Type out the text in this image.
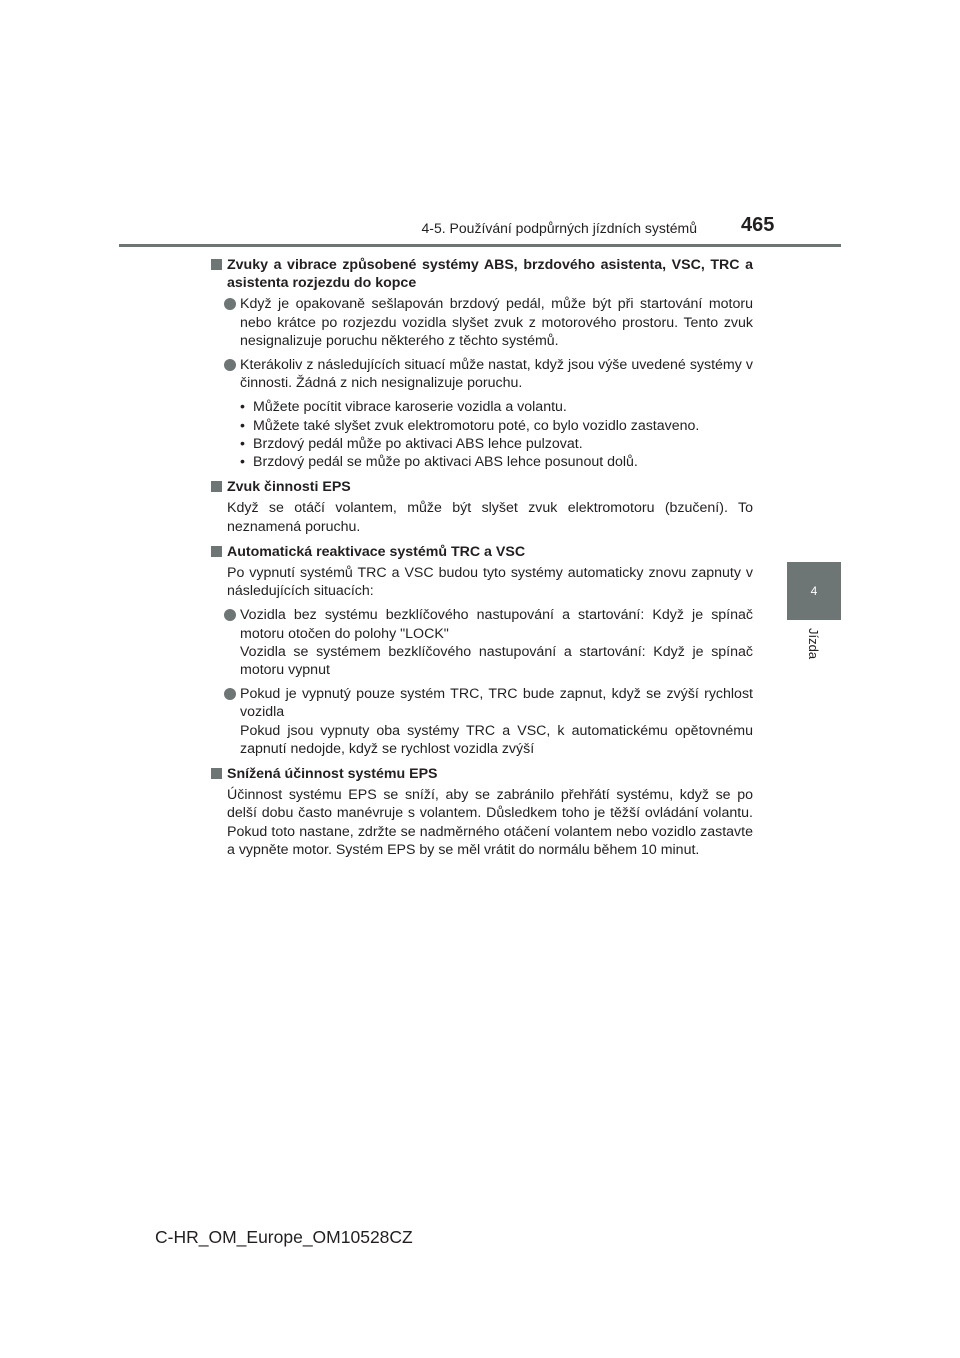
4-5. Používání podpůrných jízdních systémů 465
4
Jízda
Zvuky a vibrace způsobené systémy ABS, brzdového asistenta, VSC, TRC a asistenta rozjezdu do kopce
Když je opakovaně sešlapován brzdový pedál, může být při startování motoru nebo krátce po rozjezdu vozidla slyšet zvuk z motorového prostoru. Tento zvuk nesignalizuje poruchu některého z těchto systémů.
Kterákoliv z následujících situací může nastat, když jsou výše uvedené systémy v činnosti. Žádná z nich nesignalizuje poruchu.
• Můžete pocítit vibrace karoserie vozidla a volantu.
• Můžete také slyšet zvuk elektromotoru poté, co bylo vozidlo zastaveno.
• Brzdový pedál může po aktivaci ABS lehce pulzovat.
• Brzdový pedál se může po aktivaci ABS lehce posunout dolů.
Zvuk činnosti EPS
Když se otáčí volantem, může být slyšet zvuk elektromotoru (bzučení). To neznamená poruchu.
Automatická reaktivace systémů TRC a VSC
Po vypnutí systémů TRC a VSC budou tyto systémy automaticky znovu zapnuty v následujících situacích:
Vozidla bez systému bezklíčového nastupování a startování: Když je spínač motoru otočen do polohy "LOCK"
Vozidla se systémem bezklíčového nastupování a startování: Když je spínač motoru vypnut
Pokud je vypnutý pouze systém TRC, TRC bude zapnut, když se zvýší rychlost vozidla
Pokud jsou vypnuty oba systémy TRC a VSC, k automatickému opětovnému zapnutí nedojde, když se rychlost vozidla zvýší
Snížená účinnost systému EPS
Účinnost systému EPS se sníží, aby se zabránilo přehřátí systému, když se po delší dobu často manévruje s volantem. Důsledkem toho je těžší ovládání volantu. Pokud toto nastane, zdržte se nadměrného otáčení volantem nebo vozidlo zastavte a vypněte motor. Systém EPS by se měl vrátit do normálu během 10 minut.
C-HR_OM_Europe_OM10528CZ
